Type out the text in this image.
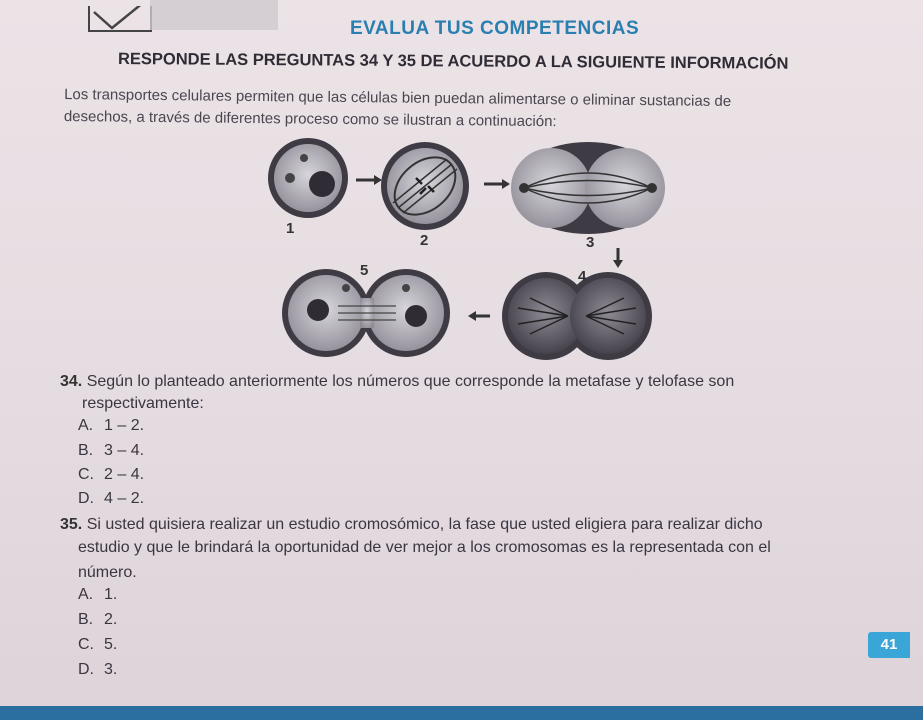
EVALUA TUS COMPETENCIAS
RESPONDE LAS PREGUNTAS 34 Y 35 DE ACUERDO A LA SIGUIENTE INFORMACIÓN
Los transportes celulares permiten que las células bien puedan alimentarse o eliminar sustancias de
desechos, a través de diferentes proceso como se ilustran a continuación:
1
2	3
4
5
34. Según lo planteado anteriormente los números que corresponde la metafase y telofase son
respectivamente:
A. 1 – 2.
B. 3 – 4.
C. 2 – 4.
D. 4 – 2.
35. Si usted quisiera realizar un estudio cromosómico, la fase que usted eligiera para realizar dicho
estudio y que le brindará la oportunidad de ver mejor a los cromosomas es la representada con el
número.
A. 1.
B. 2.
C. 5.
D. 3.
41
